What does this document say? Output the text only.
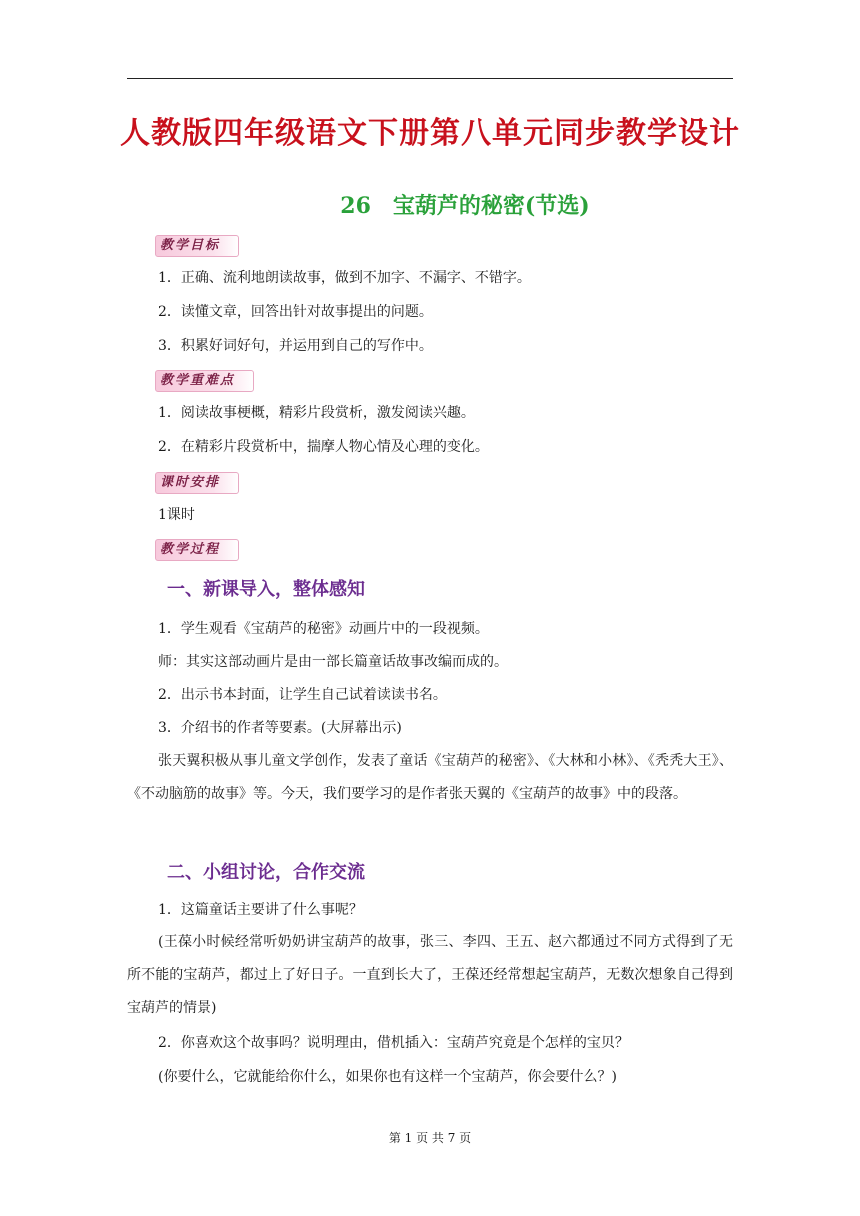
人教版四年级语文下册第八单元同步教学设计
26　宝葫芦的秘密(节选)
教学目标

1．正确、流利地朗读故事，做到不加字、不漏字、不错字。

2．读懂文章，回答出针对故事提出的问题。

3．积累好词好句，并运用到自己的写作中。

教学重难点

1．阅读故事梗概，精彩片段赏析，激发阅读兴趣。

2．在精彩片段赏析中，揣摩人物心情及心理的变化。

课时安排

1课时

教学过程
一、新课导入，整体感知

1．学生观看《宝葫芦的秘密》动画片中的一段视频。

师：其实这部动画片是由一部长篇童话故事改编而成的。

2．出示书本封面，让学生自己试着读读书名。

3．介绍书的作者等要素。(大屏幕出示)

张天翼积极从事儿童文学创作，发表了童话《宝葫芦的秘密》、《大林和小林》、《秃秃大王》、《不动脑筋的故事》等。今天，我们要学习的是作者张天翼的《宝葫芦的故事》中的段落。

二、小组讨论，合作交流

1．这篇童话主要讲了什么事呢？

(王葆小时候经常听奶奶讲宝葫芦的故事，张三、李四、王五、赵六都通过不同方式得到了无所不能的宝葫芦，都过上了好日子。一直到长大了，王葆还经常想起宝葫芦，无数次想象自己得到宝葫芦的情景)

2．你喜欢这个故事吗？说明理由，借机插入：宝葫芦究竟是个怎样的宝贝？

(你要什么，它就能给你什么，如果你也有这样一个宝葫芦，你会要什么？)

第 1 页 共 7 页
